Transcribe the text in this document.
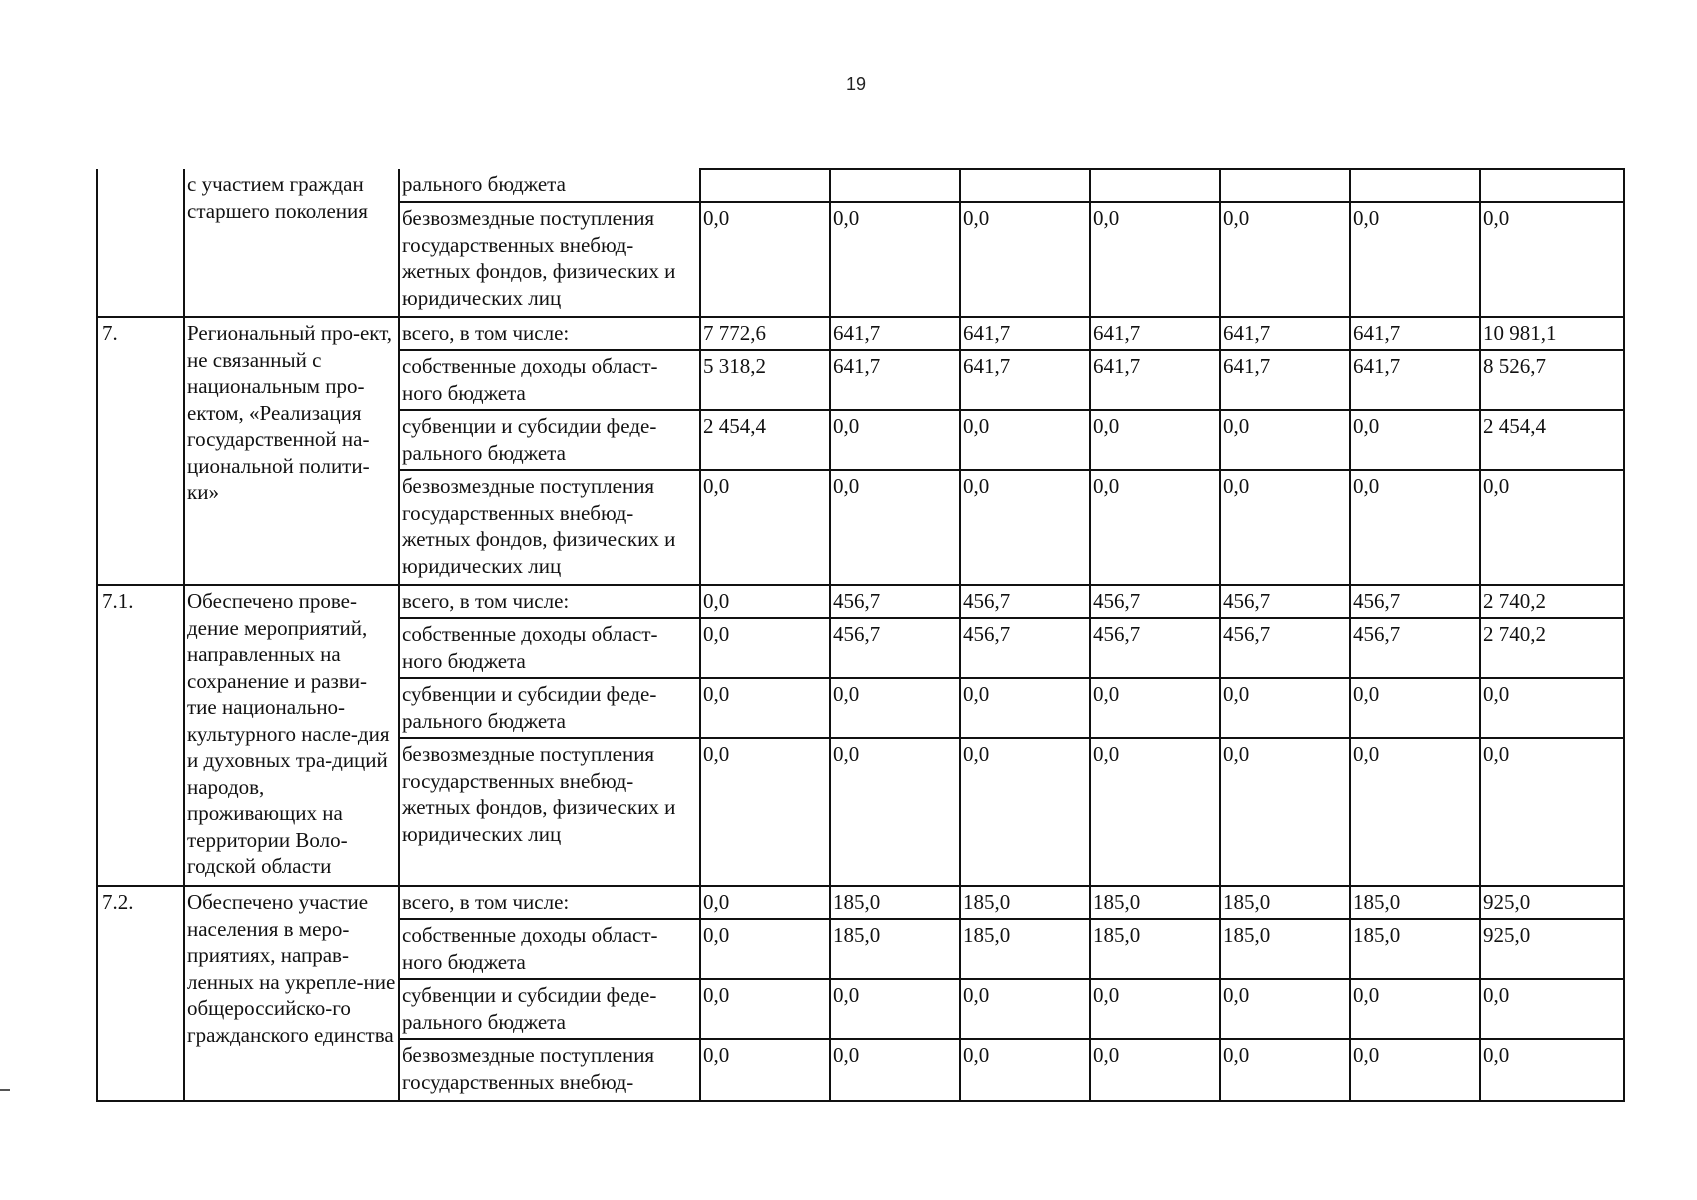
19
	с участием граждан старшего поколения	рального бюджета							
		безвозмездные поступления государственных внебюд-жетных фондов, физических и юридических лиц	0,0	0,0	0,0	0,0	0,0	0,0	0,0
7.	Региональный про-ект, не связанный с национальным про-ектом, «Реализация государственной на-циональной полити-ки»	всего, в том числе:	7 772,6	641,7	641,7	641,7	641,7	641,7	10 981,1
		собственные доходы област-ного бюджета	5 318,2	641,7	641,7	641,7	641,7	641,7	8 526,7
		субвенции и субсидии феде-рального бюджета	2 454,4	0,0	0,0	0,0	0,0	0,0	2 454,4
		безвозмездные поступления государственных внебюд-жетных фондов, физических и юридических лиц	0,0	0,0	0,0	0,0	0,0	0,0	0,0
7.1.	Обеспечено прове-дение мероприятий, направленных на сохранение и разви-тие национально-культурного насле-дия и духовных тра-диций народов, проживающих на территории Воло-годской области	всего, в том числе:	0,0	456,7	456,7	456,7	456,7	456,7	2 740,2
		собственные доходы област-ного бюджета	0,0	456,7	456,7	456,7	456,7	456,7	2 740,2
		субвенции и субсидии феде-рального бюджета	0,0	0,0	0,0	0,0	0,0	0,0	0,0
		безвозмездные поступления государственных внебюд-жетных фондов, физических и юридических лиц	0,0	0,0	0,0	0,0	0,0	0,0	0,0
7.2.	Обеспечено участие населения в меро-приятиях, направ-ленных на укрепле-ние общероссийско-го гражданского единства	всего, в том числе:	0,0	185,0	185,0	185,0	185,0	185,0	925,0
		собственные доходы област-ного бюджета	0,0	185,0	185,0	185,0	185,0	185,0	925,0
		субвенции и субсидии феде-рального бюджета	0,0	0,0	0,0	0,0	0,0	0,0	0,0
		безвозмездные поступления государственных внебюд-	0,0	0,0	0,0	0,0	0,0	0,0	0,0
